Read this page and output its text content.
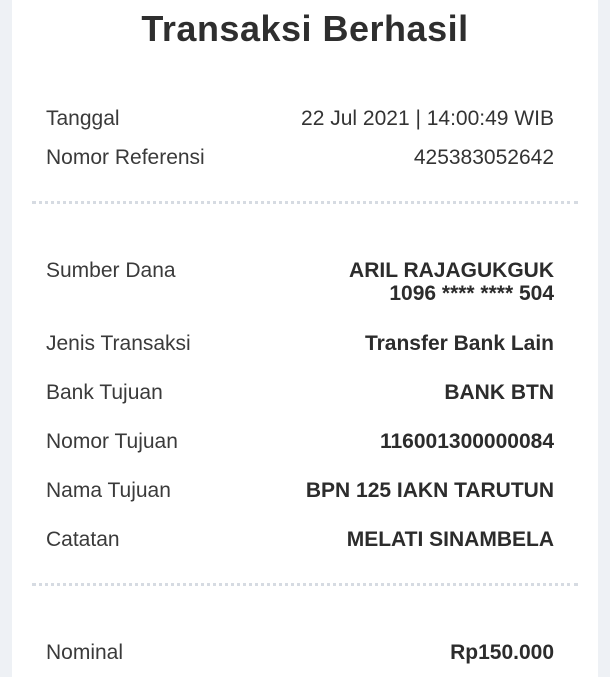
Transaksi Berhasil
Tanggal	22 Jul 2021 | 14:00:49 WIB
Nomor Referensi	425383052642
Sumber Dana	ARIL RAJAGUKGUK
1096 **** **** 504
Jenis Transaksi	Transfer Bank Lain
Bank Tujuan	BANK BTN
Nomor Tujuan	116001300000084
Nama Tujuan	BPN 125 IAKN TARUTUN
Catatan	MELATI SINAMBELA
Nominal	Rp150.000
